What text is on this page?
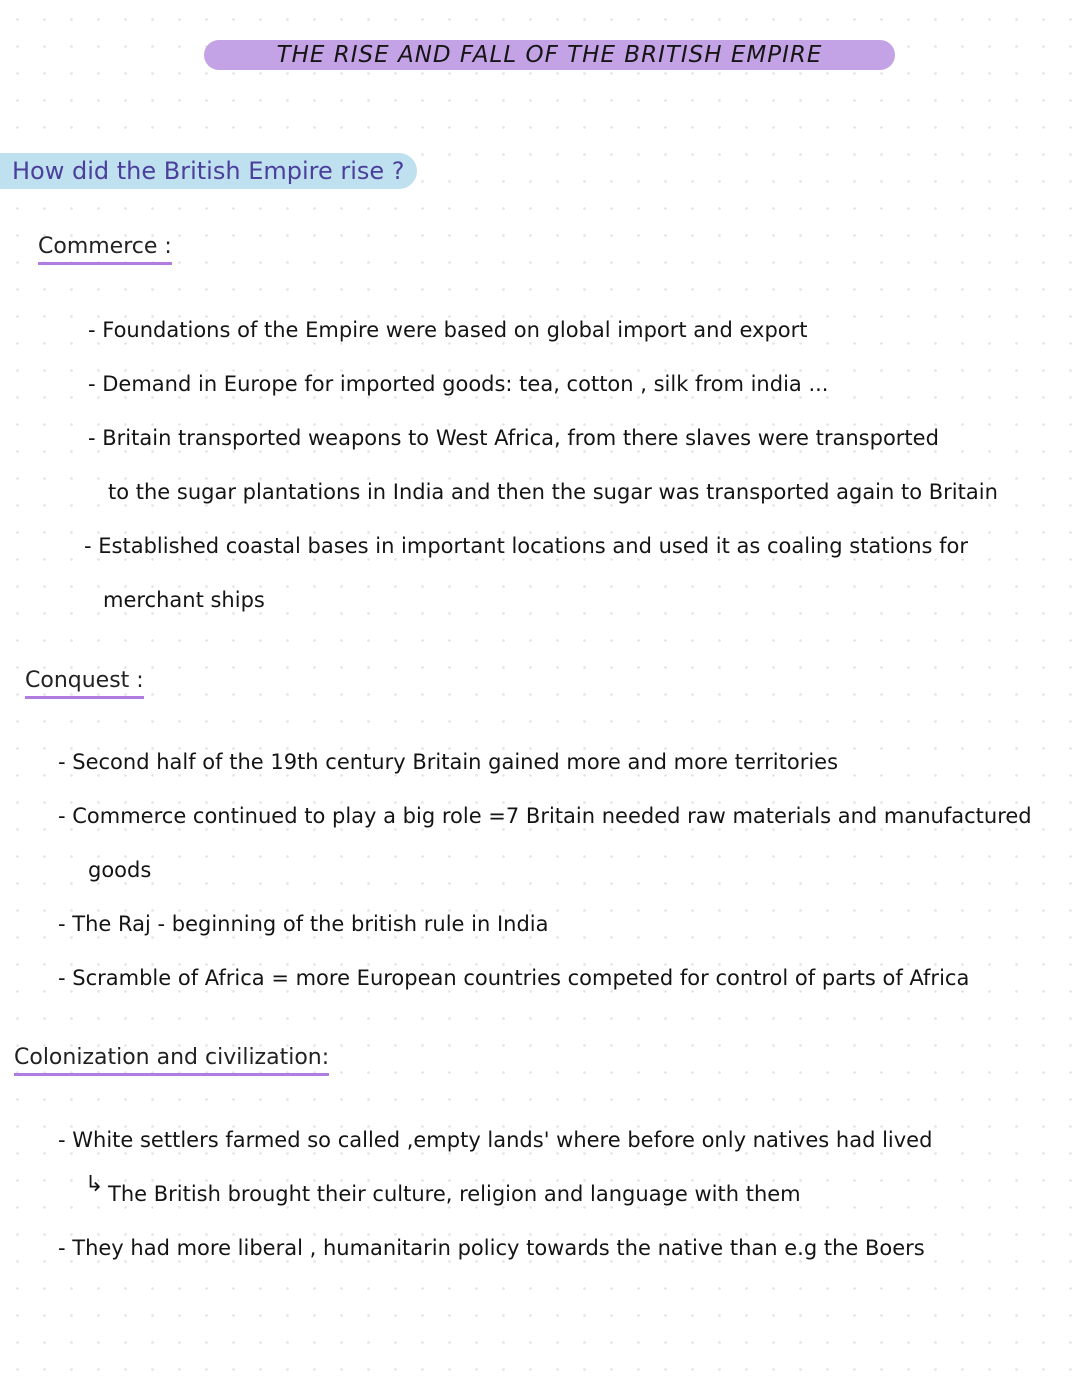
THE RISE AND FALL OF THE BRITISH EMPIRE
How did the British Empire rise ?
Commerce :
- Foundations of the Empire were based on global import and export
- Demand in Europe for imported goods: tea, cotton , silk from india ...
- Britain transported weapons to West Africa, from there slaves were transported
to the sugar plantations in India and then the sugar was transported again to Britain
- Established coastal bases in important locations and used it as coaling stations for
merchant ships
Conquest :
- Second half of the 19th century Britain gained more and more territories
- Commerce continued to play a big role =7 Britain needed raw materials and manufactured
goods
- The Raj - beginning of the british rule in India
- Scramble of Africa = more European countries competed for control of parts of Africa
Colonization and civilization:
- White settlers farmed so called ,empty lands' where before only natives had lived
↳ The British brought their culture, religion and language with them
- They had more liberal , humanitarin policy towards the native than e.g the Boers
